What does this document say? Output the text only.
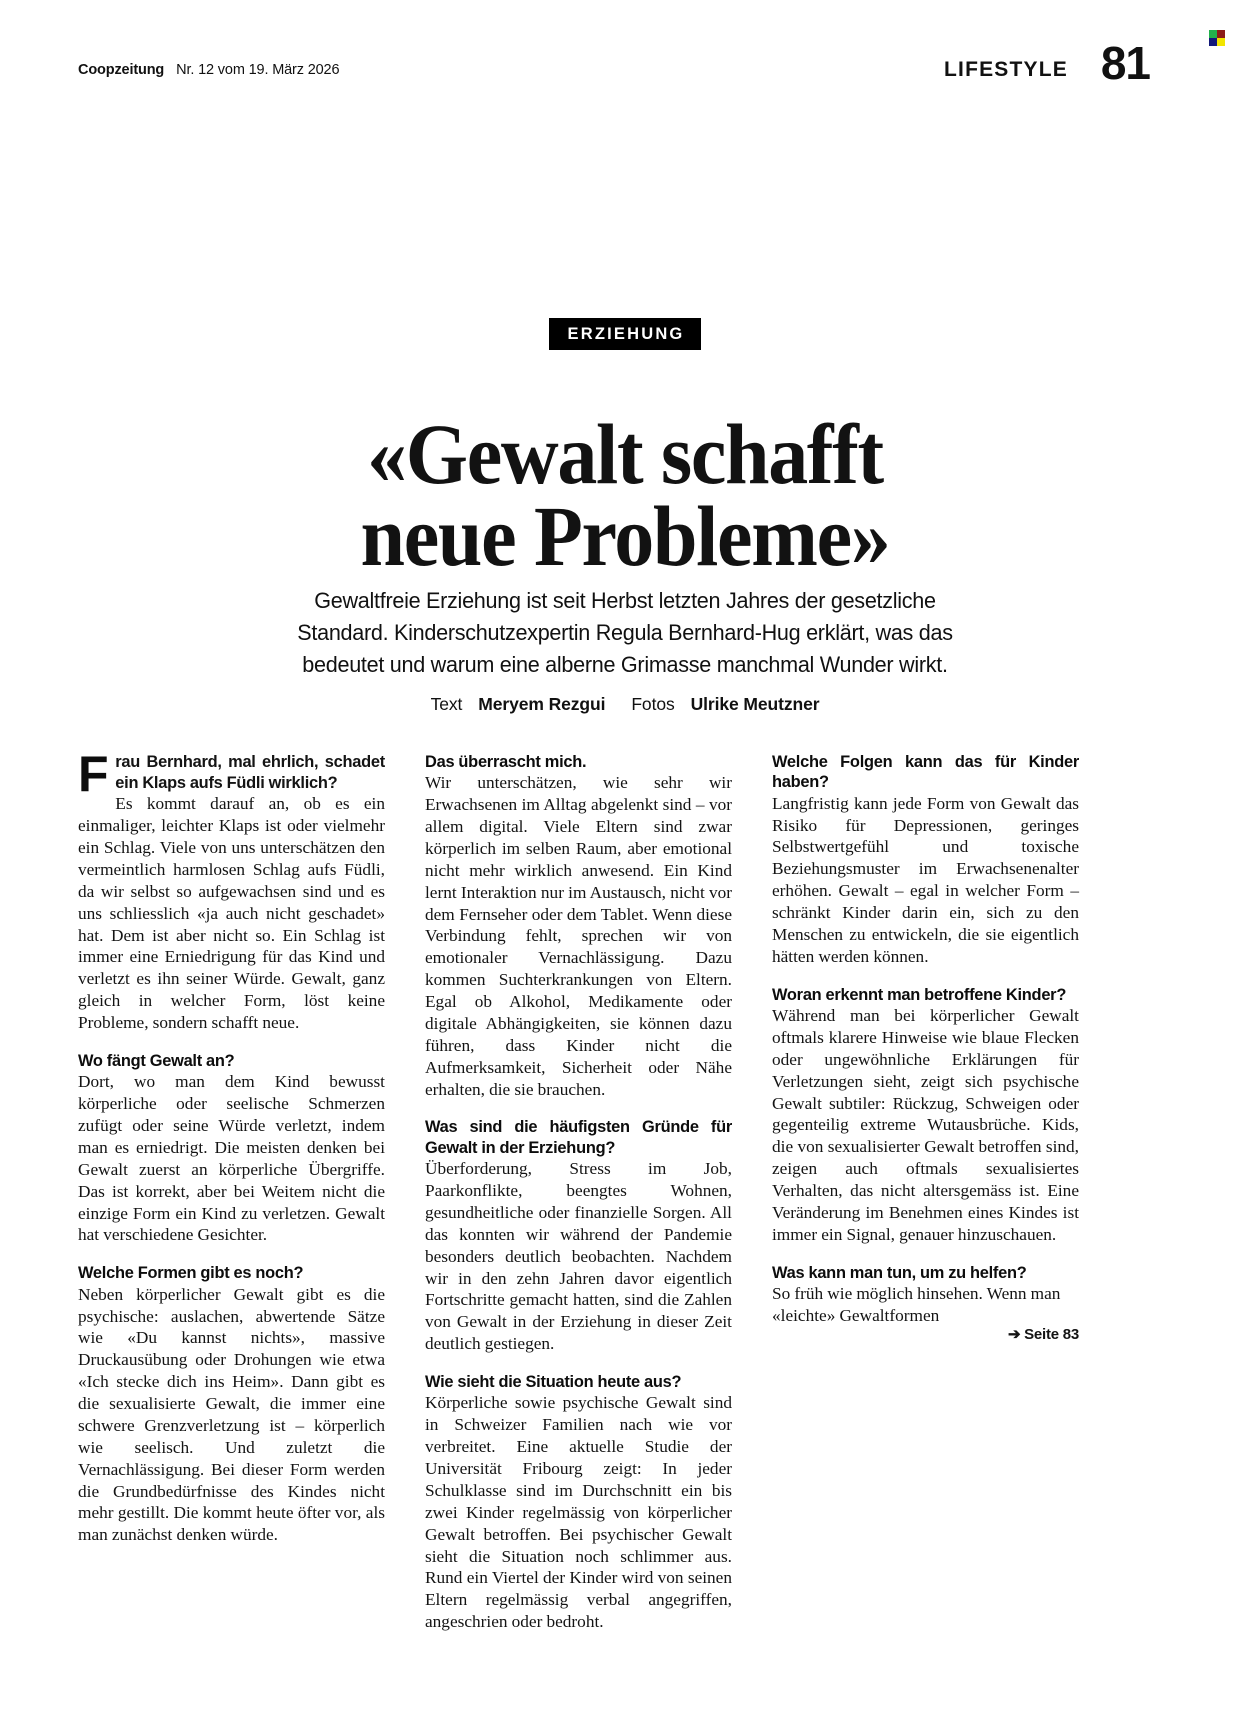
Coopzeitung Nr. 12 vom 19. März 2026	LIFESTYLE 81
ERZIEHUNG
«Gewalt schafft
neue Probleme»
Gewaltfreie Erziehung ist seit Herbst letzten Jahres der gesetzliche Standard. Kinderschutzexpertin Regula Bernhard-Hug erklärt, was das bedeutet und warum eine alberne Grimasse manchmal Wunder wirkt.
Text Meryem Rezgui Fotos Ulrike Meutzner

Frau Bernhard, mal ehrlich, schadet ein Klaps aufs Füdli wirklich?

Es kommt darauf an, ob es ein einmaliger, leichter Klaps ist oder vielmehr ein Schlag. Viele von uns unterschätzen den vermeintlich harmlosen Schlag aufs Füdli, da wir selbst so aufgewachsen sind und es uns schliesslich «ja auch nicht geschadet» hat. Dem ist aber nicht so. Ein Schlag ist immer eine Erniedrigung für das Kind und verletzt es ihn seiner Würde. Gewalt, ganz gleich in welcher Form, löst keine Probleme, sondern schafft neue.

Wo fängt Gewalt an?

Dort, wo man dem Kind bewusst körperliche oder seelische Schmerzen zufügt oder seine Würde verletzt, indem man es erniedrigt. Die meisten denken bei Gewalt zuerst an körperliche Übergriffe. Das ist korrekt, aber bei Weitem nicht die einzige Form ein Kind zu verletzen. Gewalt hat verschiedene Gesichter.

Welche Formen gibt es noch?

Neben körperlicher Gewalt gibt es die psychische: auslachen, abwertende Sätze wie «Du kannst nichts», massive Druckausübung oder Drohungen wie etwa «Ich stecke dich ins Heim». Dann gibt es die sexualisierte Gewalt, die immer eine schwere Grenzverletzung ist – körperlich wie seelisch. Und zuletzt die Vernachlässigung. Bei dieser Form werden die Grundbedürfnisse des Kindes nicht mehr gestillt. Die kommt heute öfter vor, als man zunächst denken würde.

Das überrascht mich.

Wir unterschätzen, wie sehr wir Erwachsenen im Alltag abgelenkt sind – vor allem digital. Viele Eltern sind zwar körperlich im selben Raum, aber emotional nicht mehr wirklich anwesend. Ein Kind lernt Interaktion nur im Austausch, nicht vor dem Fernseher oder dem Tablet. Wenn diese Verbindung fehlt, sprechen wir von emotionaler Vernachlässigung. Dazu kommen Suchterkrankungen von Eltern. Egal ob Alkohol, Medikamente oder digitale Abhängigkeiten, sie können dazu führen, dass Kinder nicht die Aufmerksamkeit, Sicherheit oder Nähe erhalten, die sie brauchen.

Was sind die häufigsten Gründe für Gewalt in der Erziehung?

Überforderung, Stress im Job, Paarkonflikte, beengtes Wohnen, gesundheitliche oder finanzielle Sorgen. All das konnten wir während der Pandemie besonders deutlich beobachten. Nachdem wir in den zehn Jahren davor eigentlich Fortschritte gemacht hatten, sind die Zahlen von Gewalt in der Erziehung in dieser Zeit deutlich gestiegen.

Wie sieht die Situation heute aus?

Körperliche sowie psychische Gewalt sind in Schweizer Familien nach wie vor verbreitet. Eine aktuelle Studie der Universität Fribourg zeigt: In jeder Schulklasse sind im Durchschnitt ein bis zwei Kinder regelmässig von körperlicher Gewalt betroffen. Bei psychischer Gewalt sieht die Situation noch schlimmer aus. Rund ein Viertel der Kinder wird von seinen Eltern regelmässig verbal angegriffen, angeschrien oder bedroht.

Welche Folgen kann das für Kinder haben?

Langfristig kann jede Form von Gewalt das Risiko für Depressionen, geringes Selbstwertgefühl und toxische Beziehungsmuster im Erwachsenenalter erhöhen. Gewalt – egal in welcher Form – schränkt Kinder darin ein, sich zu den Menschen zu entwickeln, die sie eigentlich hätten werden können.

Woran erkennt man betroffene Kinder?

Während man bei körperlicher Gewalt oftmals klarere Hinweise wie blaue Flecken oder ungewöhnliche Erklärungen für Verletzungen sieht, zeigt sich psychische Gewalt subtiler: Rückzug, Schweigen oder gegenteilig extreme Wutausbrüche. Kids, die von sexualisierter Gewalt betroffen sind, zeigen auch oftmals sexualisiertes Verhalten, das nicht altersgemäss ist. Eine Veränderung im Benehmen eines Kindes ist immer ein Signal, genauer hinzuschauen.

Was kann man tun, um zu helfen?

So früh wie möglich hinsehen. Wenn man «leichte» Gewaltformen

➔ Seite 83
